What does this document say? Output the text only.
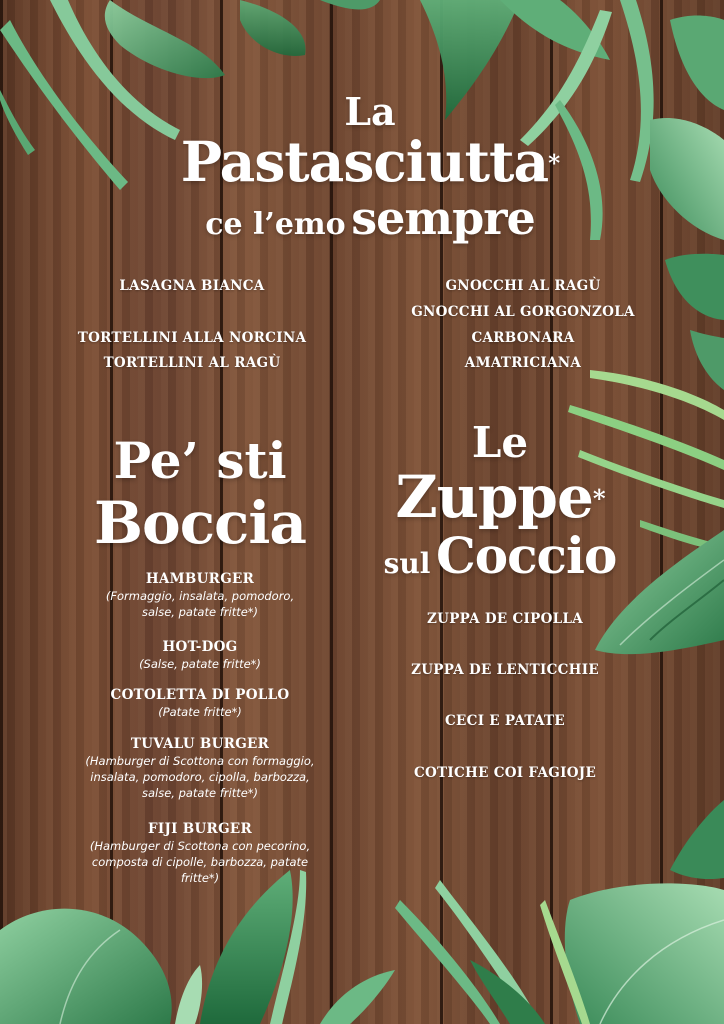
La
Pastasciutta*
ce l’emo sempre
LASAGNA BIANCA
TORTELLINI ALLA NORCINA
TORTELLINI AL RAGÙ
GNOCCHI AL RAGÙ
GNOCCHI AL GORGONZOLA
CARBONARA
AMATRICIANA
Pe’ sti
Boccia
HAMBURGER
(Formaggio, insalata, pomodoro, salse, patate fritte*)
HOT-DOG
(Salse, patate fritte*)
COTOLETTA DI POLLO
(Patate fritte*)
TUVALU BURGER
(Hamburger di Scottona con formaggio, insalata, pomodoro, cipolla, barbozza, salse, patate fritte*)
FIJI BURGER
(Hamburger di Scottona con pecorino, composta di cipolle, barbozza, patate fritte*)
Le
Zuppe*
sul Coccio
ZUPPA DE CIPOLLA
ZUPPA DE LENTICCHIE
CECI E PATATE
COTICHE COI FAGIOJE
